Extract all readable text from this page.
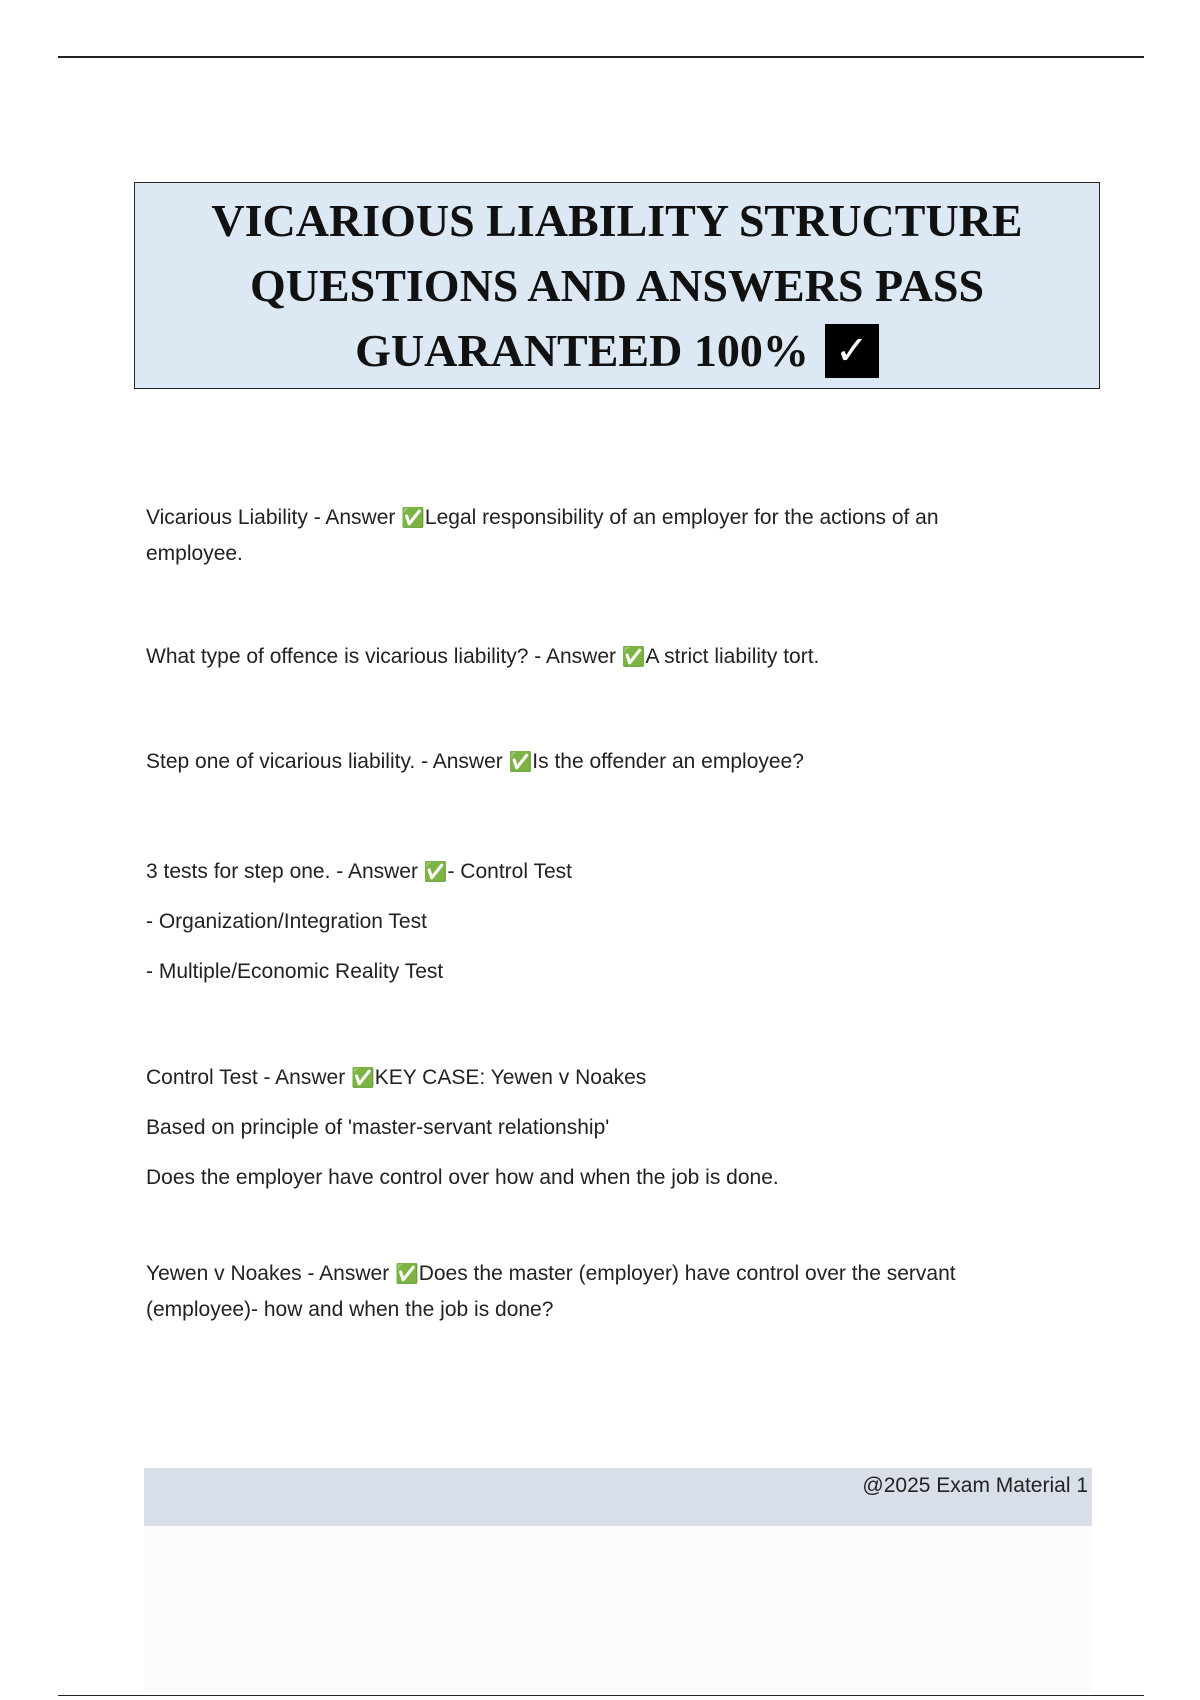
VICARIOUS LIABILITY STRUCTURE
QUESTIONS AND ANSWERS PASS
GUARANTEED 100% ✓
Vicarious Liability - Answer ✅Legal responsibility of an employer for the actions of an
employee.
What type of offence is vicarious liability? - Answer ✅A strict liability tort.
Step one of vicarious liability. - Answer ✅Is the offender an employee?
3 tests for step one. - Answer ✅- Control Test
- Organization/Integration Test
- Multiple/Economic Reality Test
Control Test - Answer ✅KEY CASE: Yewen v Noakes
Based on principle of 'master-servant relationship'
Does the employer have control over how and when the job is done.
Yewen v Noakes - Answer ✅Does the master (employer) have control over the servant
(employee)- how and when the job is done?
@2025 Exam Material 1
